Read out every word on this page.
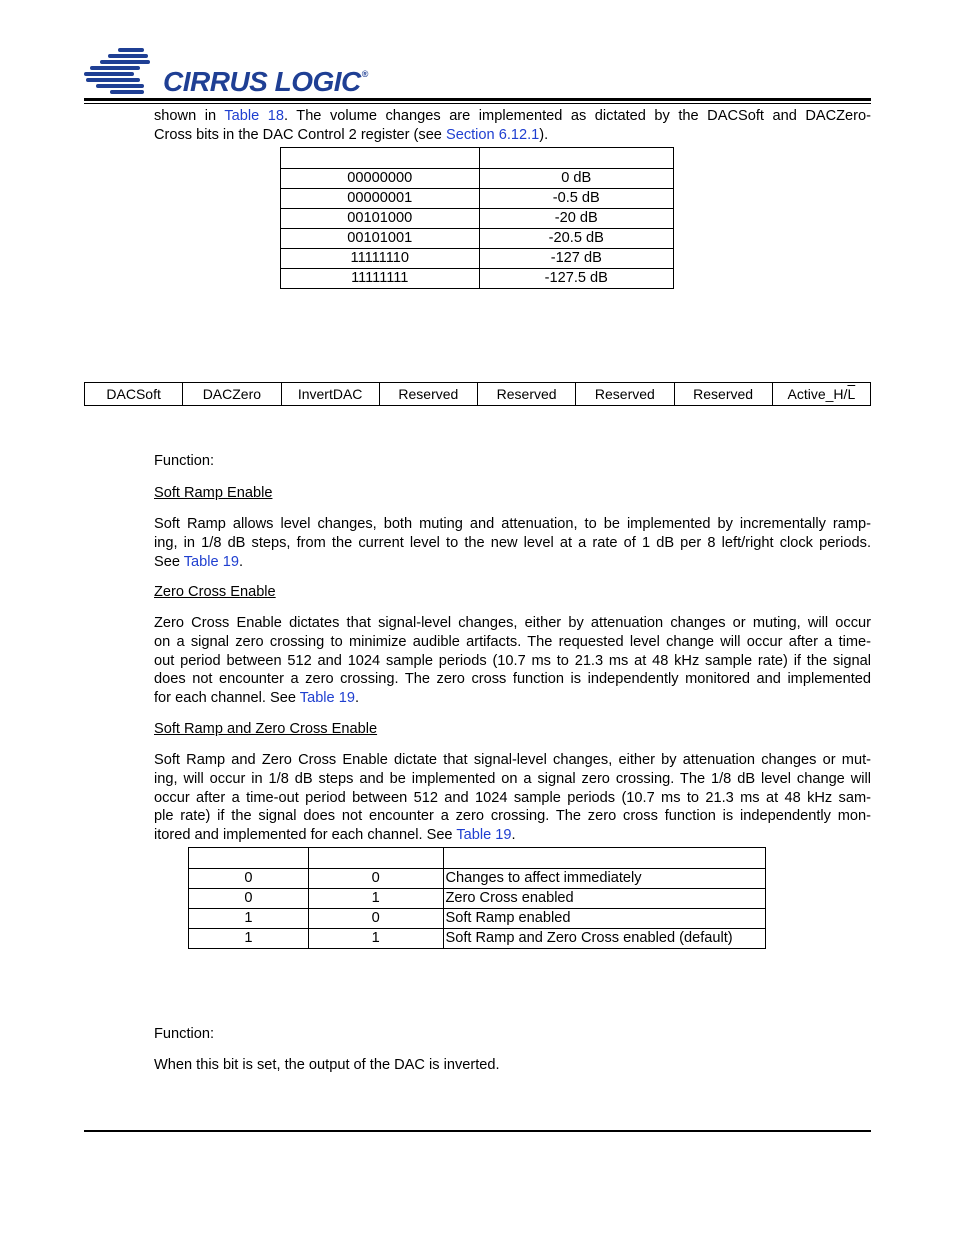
CIRRUS LOGIC®
shown in Table 18. The volume changes are implemented as dictated by the DACSoft and DACZero-
Cross bits in the DAC Control 2 register (see Section 6.12.1).

00000000	0 dB
00000001	-0.5 dB
00101000	-20 dB
00101001	-20.5 dB
11111110	-127 dB
11111111	-127.5 dB
DACSoft	DACZero	InvertDAC	Reserved	Reserved	Reserved	Reserved	$Active\_H/\overline{L}$
Function:
Soft Ramp Enable
Soft Ramp allows level changes, both muting and attenuation, to be implemented by incrementally ramp-
ing, in 1/8 dB steps, from the current level to the new level at a rate of 1 dB per 8 left/right clock periods.
See Table 19.
Zero Cross Enable
Zero Cross Enable dictates that signal-level changes, either by attenuation changes or muting, will occur
on a signal zero crossing to minimize audible artifacts. The requested level change will occur after a time-
out period between 512 and 1024 sample periods (10.7 ms to 21.3 ms at 48 kHz sample rate) if the signal
does not encounter a zero crossing. The zero cross function is independently monitored and implemented
for each channel. See Table 19.
Soft Ramp and Zero Cross Enable
Soft Ramp and Zero Cross Enable dictate that signal-level changes, either by attenuation changes or mut-
ing, will occur in 1/8 dB steps and be implemented on a signal zero crossing. The 1/8 dB level change will
occur after a time-out period between 512 and 1024 sample periods (10.7 ms to 21.3 ms at 48 kHz sam-
ple rate) if the signal does not encounter a zero crossing. The zero cross function is independently mon-
itored and implemented for each channel. See Table 19.

0	0	Changes to affect immediately
0	1	Zero Cross enabled
1	0	Soft Ramp enabled
1	1	Soft Ramp and Zero Cross enabled (default)
Function:
When this bit is set, the output of the DAC is inverted.
